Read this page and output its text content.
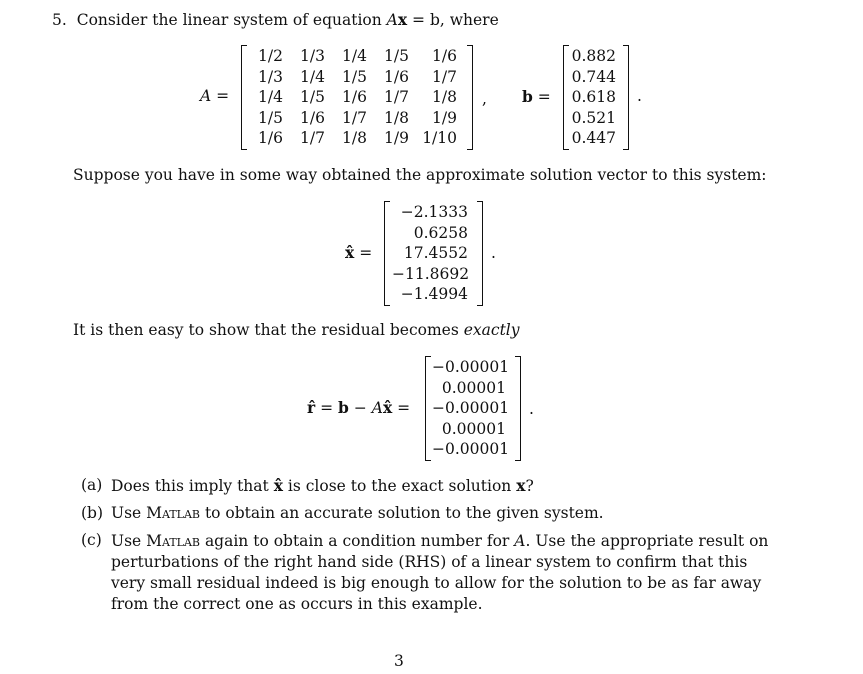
5. Consider the linear system of equation Ax = b, where
A =
1/2	1/3	1/4	1/5	1/6
1/3	1/4	1/5	1/6	1/7
1/4	1/5	1/6	1/7	1/8
1/5	1/6	1/7	1/8	1/9
1/6	1/7	1/8	1/9 1/10
, b =
0.882
0.744
0.618
0.521
0.447
.
Suppose you have in some way obtained the approximate solution vector to this system:
x̂ =
−2.1333
0.6258
17.4552
−11.8692
−1.4994
.
It is then easy to show that the residual becomes exactly
r̂ = b − Ax̂ =
−0.00001
0.00001
−0.00001
0.00001
−0.00001
.
(a) Does this imply that x̂ is close to the exact solution x?
(b) Use Matlab to obtain an accurate solution to the given system.
(c) Use Matlab again to obtain a condition number for A. Use the appropriate result on perturbations of the right hand side (RHS) of a linear system to confirm that this very small residual indeed is big enough to allow for the solution to be as far away from the correct one as occurs in this example.
3
